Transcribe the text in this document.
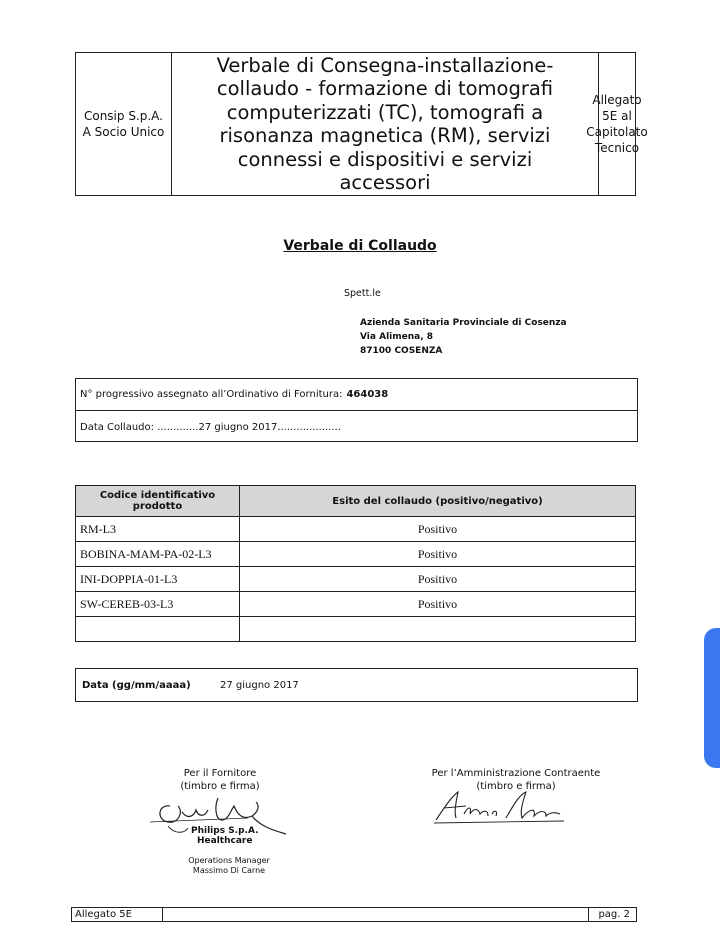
Consip S.p.A.
A Socio Unico
Verbale di Consegna-installazione-
collaudo - formazione di tomografi
computerizzati (TC), tomografi a
risonanza magnetica (RM), servizi
connessi e dispositivi e servizi
accessori
Allegato 5E al
Capitolato
Tecnico
Verbale di Collaudo
Spett.le
Azienda Sanitaria Provinciale di Cosenza
Via Alimena, 8
87100 COSENZA
N° progressivo assegnato all’Ordinativo di Fornitura: 464038
Data Collaudo: .............27 giugno 2017....................
Codice identificativo
prodotto	Esito del collaudo (positivo/negativo)
RM-L3	Positivo
BOBINA-MAM-PA-02-L3	Positivo
INI-DOPPIA-01-L3	Positivo
SW-CEREB-03-L3	Positivo

Data (gg/mm/aaaa)	27 giugno 2017
Per il Fornitore
(timbro e firma)
Philips S.p.A.
Healthcare
Operations Manager
Massimo Di Carne
Per l’Amministrazione Contraente
(timbro e firma)
Allegato 5E	pag. 2
